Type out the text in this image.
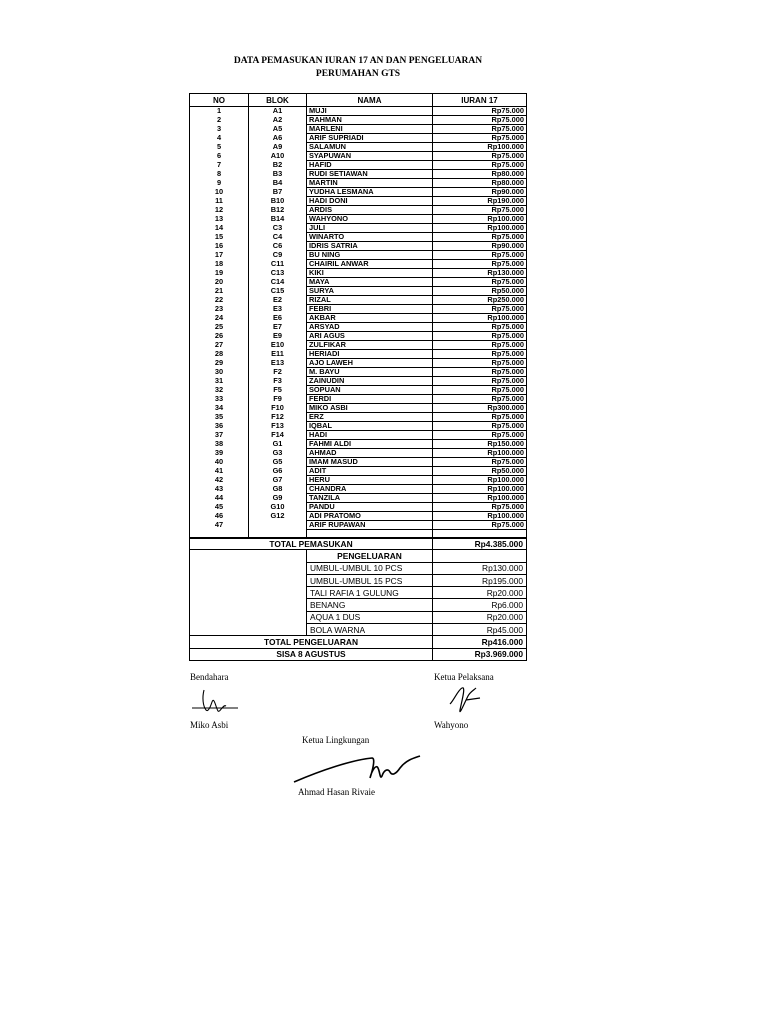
DATA PEMASUKAN IURAN 17 AN DAN PENGELUARAN
PERUMAHAN GTS
NO	BLOK	NAMA	IURAN 17
1	A1	MUJI	Rp75.000
2	A2	RAHMAN	Rp75.000
3	A5	MARLENI	Rp75.000
4	A6	ARIF SUPRIADI	Rp75.000
5	A9	SALAMUN	Rp100.000
6	A10	SYAPUWAN	Rp75.000
7	B2	HAFID	Rp75.000
8	B3	RUDI SETIAWAN	Rp80.000
9	B4	MARTIN	Rp80.000
10	B7	YUDHA LESMANA	Rp90.000
11	B10	HADI DONI	Rp190.000
12	B12	ARDIS	Rp75.000
13	B14	WAHYONO	Rp100.000
14	C3	JULI	Rp100.000
15	C4	WINARTO	Rp75.000
16	C6	IDRIS SATRIA	Rp90.000
17	C9	BU NING	Rp75.000
18	C11	CHAIRIL ANWAR	Rp75.000
19	C13	KIKI	Rp130.000
20	C14	MAYA	Rp75.000
21	C15	SURYA	Rp50.000
22	E2	RIZAL	Rp250.000
23	E3	FEBRI	Rp75.000
24	E6	AKBAR	Rp100.000
25	E7	ARSYAD	Rp75.000
26	E9	ARI AGUS	Rp75.000
27	E10	ZULFIKAR	Rp75.000
28	E11	HERIADI	Rp75.000
29	E13	AJO LAWEH	Rp75.000
30	F2	M. BAYU	Rp75.000
31	F3	ZAINUDIN	Rp75.000
32	F5	SOPUAN	Rp75.000
33	F9	FERDI	Rp75.000
34	F10	MIKO ASBI	Rp300.000
35	F12	ERZ	Rp75.000
36	F13	IQBAL	Rp75.000
37	F14	HADI	Rp75.000
38	G1	FAHMI ALDI	Rp150.000
39	G3	AHMAD	Rp100.000
40	G5	IMAM MASUD	Rp75.000
41	G6	ADIT	Rp50.000
42	G7	HERU	Rp100.000
43	G8	CHANDRA	Rp100.000
44	G9	TANZILA	Rp100.000
45	G10	PANDU	Rp75.000
46	G12	ADI PRATOMO	Rp100.000
47		ARIF RUPAWAN	Rp75.000

TOTAL PEMASUKAN		Rp4.385.000
	PENGELUARAN	
	UMBUL-UMBUL 10 PCS	Rp130.000
	UMBUL-UMBUL 15 PCS	Rp195.000
	TALI RAFIA 1 GULUNG	Rp20.000
	BENANG	Rp6.000
	AQUA 1 DUS	Rp20.000
	BOLA WARNA	Rp45.000
TOTAL PENGELUARAN		Rp416.000
SISA 8 AGUSTUS		Rp3.969.000
Bendahara
Miko Asbi
Ketua Pelaksana
Wahyono
Ketua Lingkungan
Ahmad Hasan Rivaie
